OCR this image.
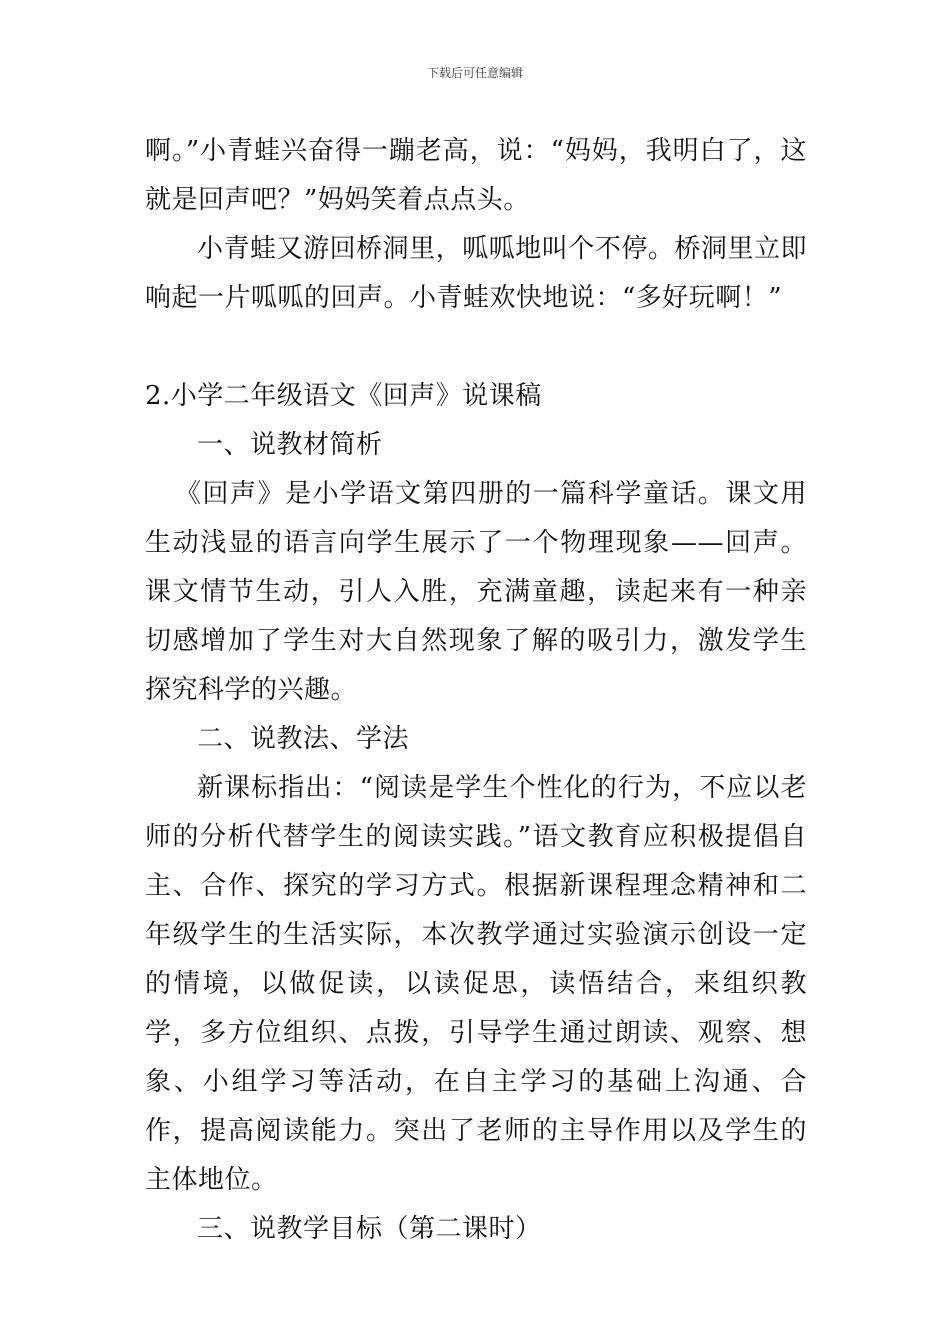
下载后可任意编辑

啊。”小青蛙兴奋得一蹦老高，说：“妈妈，我明白了，这就是回声吧？”妈妈笑着点点头。

小青蛙又游回桥洞里，呱呱地叫个不停。桥洞里立即响起一片呱呱的回声。小青蛙欢快地说：“多好玩啊！”

2.小学二年级语文《回声》说课稿

一、说教材简析

《回声》是小学语文第四册的一篇科学童话。课文用生动浅显的语言向学生展示了一个物理现象——回声。课文情节生动，引人入胜，充满童趣，读起来有一种亲切感增加了学生对大自然现象了解的吸引力，激发学生探究科学的兴趣。

二、说教法、学法

新课标指出：“阅读是学生个性化的行为，不应以老师的分析代替学生的阅读实践。”语文教育应积极提倡自主、合作、探究的学习方式。根据新课程理念精神和二年级学生的生活实际，本次教学通过实验演示创设一定的情境，以做促读，以读促思，读悟结合，来组织教学，多方位组织、点拨，引导学生通过朗读、观察、想象、小组学习等活动，在自主学习的基础上沟通、合作，提高阅读能力。突出了老师的主导作用以及学生的主体地位。

三、说教学目标（第二课时）
